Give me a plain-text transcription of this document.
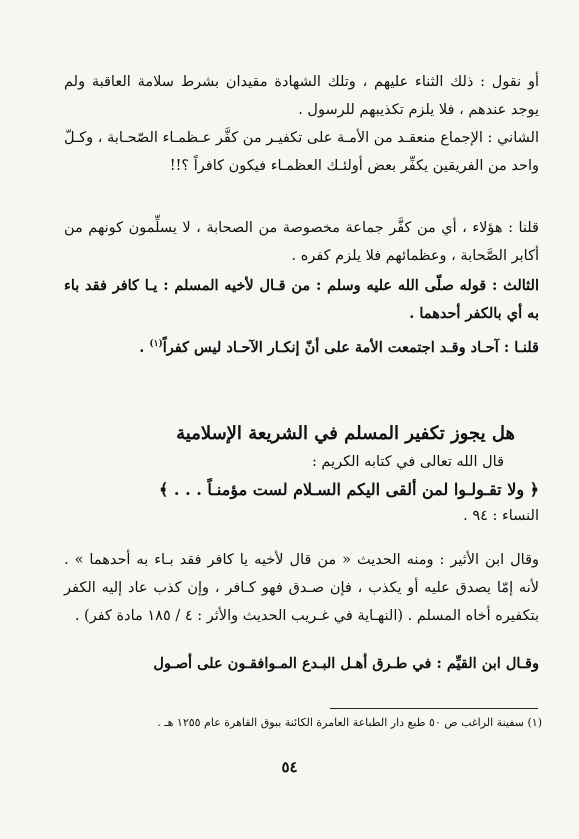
أو نقول : ذلك الثناء عليهم ، وتلك الشهادة مقيدان بشرط سلامة العاقبة ولم يوجد عندهم ، فلا يلزم تكذيبهم للرسول .
الشاني : الإجماع منعقـد من الأمـة على تكفيـر من كفَّر عـظمـاء الصّحـابة ، وكـلّ واحد من الفريقين يكفِّر بعض أولئـك العظمـاء فيكون كافراً ؟!!
قلنا : هؤلاء ، أي من كفَّر جماعة مخصوصة من الصحابة ، لا يسلِّمون كونهم من أكابر الصَّحابة ، وعظمائهم فلا يلزم كفره .
الثالث : قوله صلّى الله عليه وسلم : من قـال لأخيه المسلم : يـا كافر فقد باء به أي بالكفر أحدهما .
قلنـا : آحـاد وقـد اجتمعت الأمة على أنّ إنكـار الآحـاد ليس كفراً$^{(١)}$ .
هل يجوز تكفير المسلم في الشريعة الإسلامية
قال الله تعالى في كتابه الكريم :
﴿ ولا تقـولـوا لمن ألقى اليكم السـلام لست مؤمنـاً . . . ﴾
النساء : ٩٤ .
وقال ابن الأثير : ومنه الحديث « من قال لأخيه يا كافر فقد بـاء به أحدهما » . لأنه إمّا يصدق عليه أو يكذب ، فإن صـدق فهو كـافر ، وإن كذب عاد إليه الكفر بتكفيره أخاه المسلم . (النهـاية في غـريب الحديث والأثر : ٤ / ١٨٥ مادة كفر) .
وقـال ابن القيِّم : في طـرق أهـل البـدع المـوافقـون على أصـول
(١) سفينة الراغب ص ٥٠ طبع دار الطباعة العامرة الكائنة ببوق القاهرة عام ١٢٥٥ هـ .
٥٤
